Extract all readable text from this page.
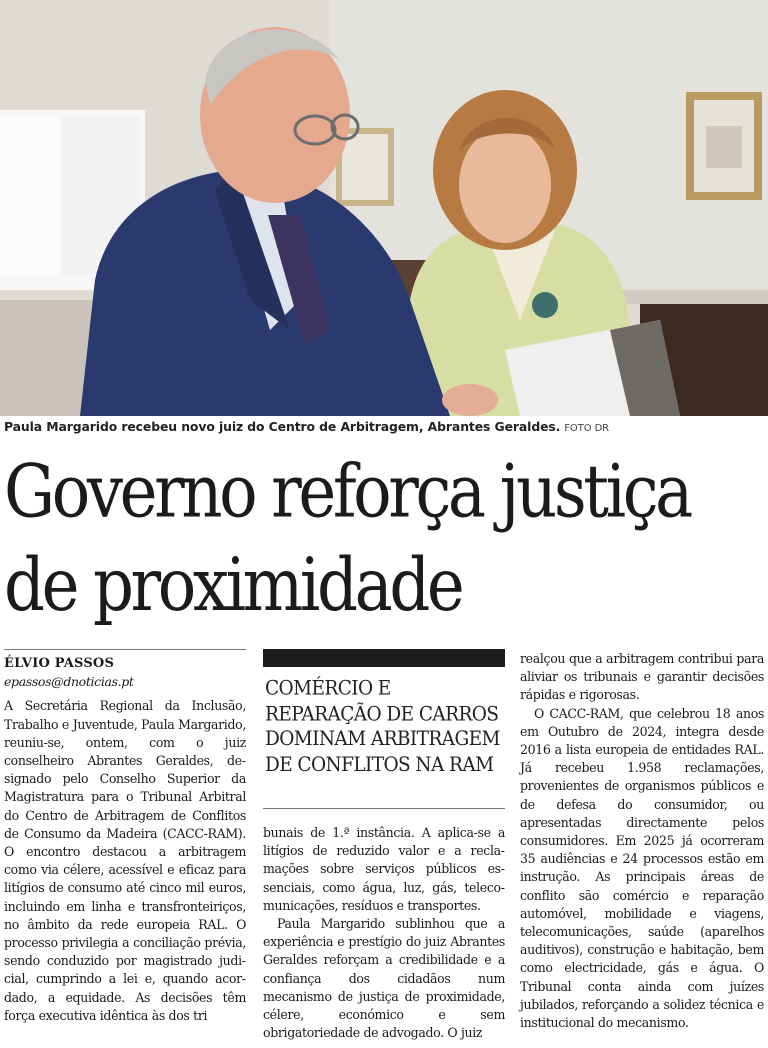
Paula Margarido recebeu novo juiz do Centro de Arbitragem, Abrantes Geraldes. FOTO DR
Governo reforça justiça
de proximidade
ÉLVIO PASSOS
epassos@dnoticias.pt

A Secretária Regional da Inclusão, Trabalho e Juventude, Paula Margarido, reuniu-se, ontem, com o juiz conselheiro Abrantes Geraldes, designado pelo Conselho Superior da Magistratura para o Tribunal Arbitral do Centro de Arbitragem de Conflitos de Consumo da Madeira (CACC-RAM). O encontro destacou a arbitragem como via célere, acessível e eficaz para litígios de consumo até cinco mil euros, incluindo em linha e transfronteiriços, no âmbito da rede europeia RAL. O processo privilegia a conciliação prévia, sendo conduzido por magistrado judicial, cumprindo a lei e, quando acordado, a equidade. As decisões têm força executiva idêntica às dos tri

COMÉRCIO E REPARAÇÃO DE CARROS DOMINAM ARBITRAGEM DE CONFLITOS NA RAM

bunais de 1.ª instância. A aplica-se a litígios de reduzido valor e a reclamações sobre serviços públicos essenciais, como água, luz, gás, telecomunicações, resíduos e transportes.

Paula Margarido sublinhou que a experiência e prestígio do juiz Abrantes Geraldes reforçam a credibilidade e a confiança dos cidadãos num mecanismo de justiça de proximidade, célere, económico e sem obrigatoriedade de advogado. O juiz

realçou que a arbitragem contribui para aliviar os tribunais e garantir decisões rápidas e rigorosas.

O CACC-RAM, que celebrou 18 anos em Outubro de 2024, integra desde 2016 a lista europeia de entidades RAL. Já recebeu 1.958 reclamações, provenientes de organismos públicos e de defesa do consumidor, ou apresentadas directamente pelos consumidores. Em 2025 já ocorreram 35 audiências e 24 processos estão em instrução. As principais áreas de conflito são comércio e reparação automóvel, mobilidade e viagens, telecomunicações, saúde (aparelhos auditivos), construção e habitação, bem como electricidade, gás e água. O Tribunal conta ainda com juízes jubilados, reforçando a solidez técnica e institucional do mecanismo.
